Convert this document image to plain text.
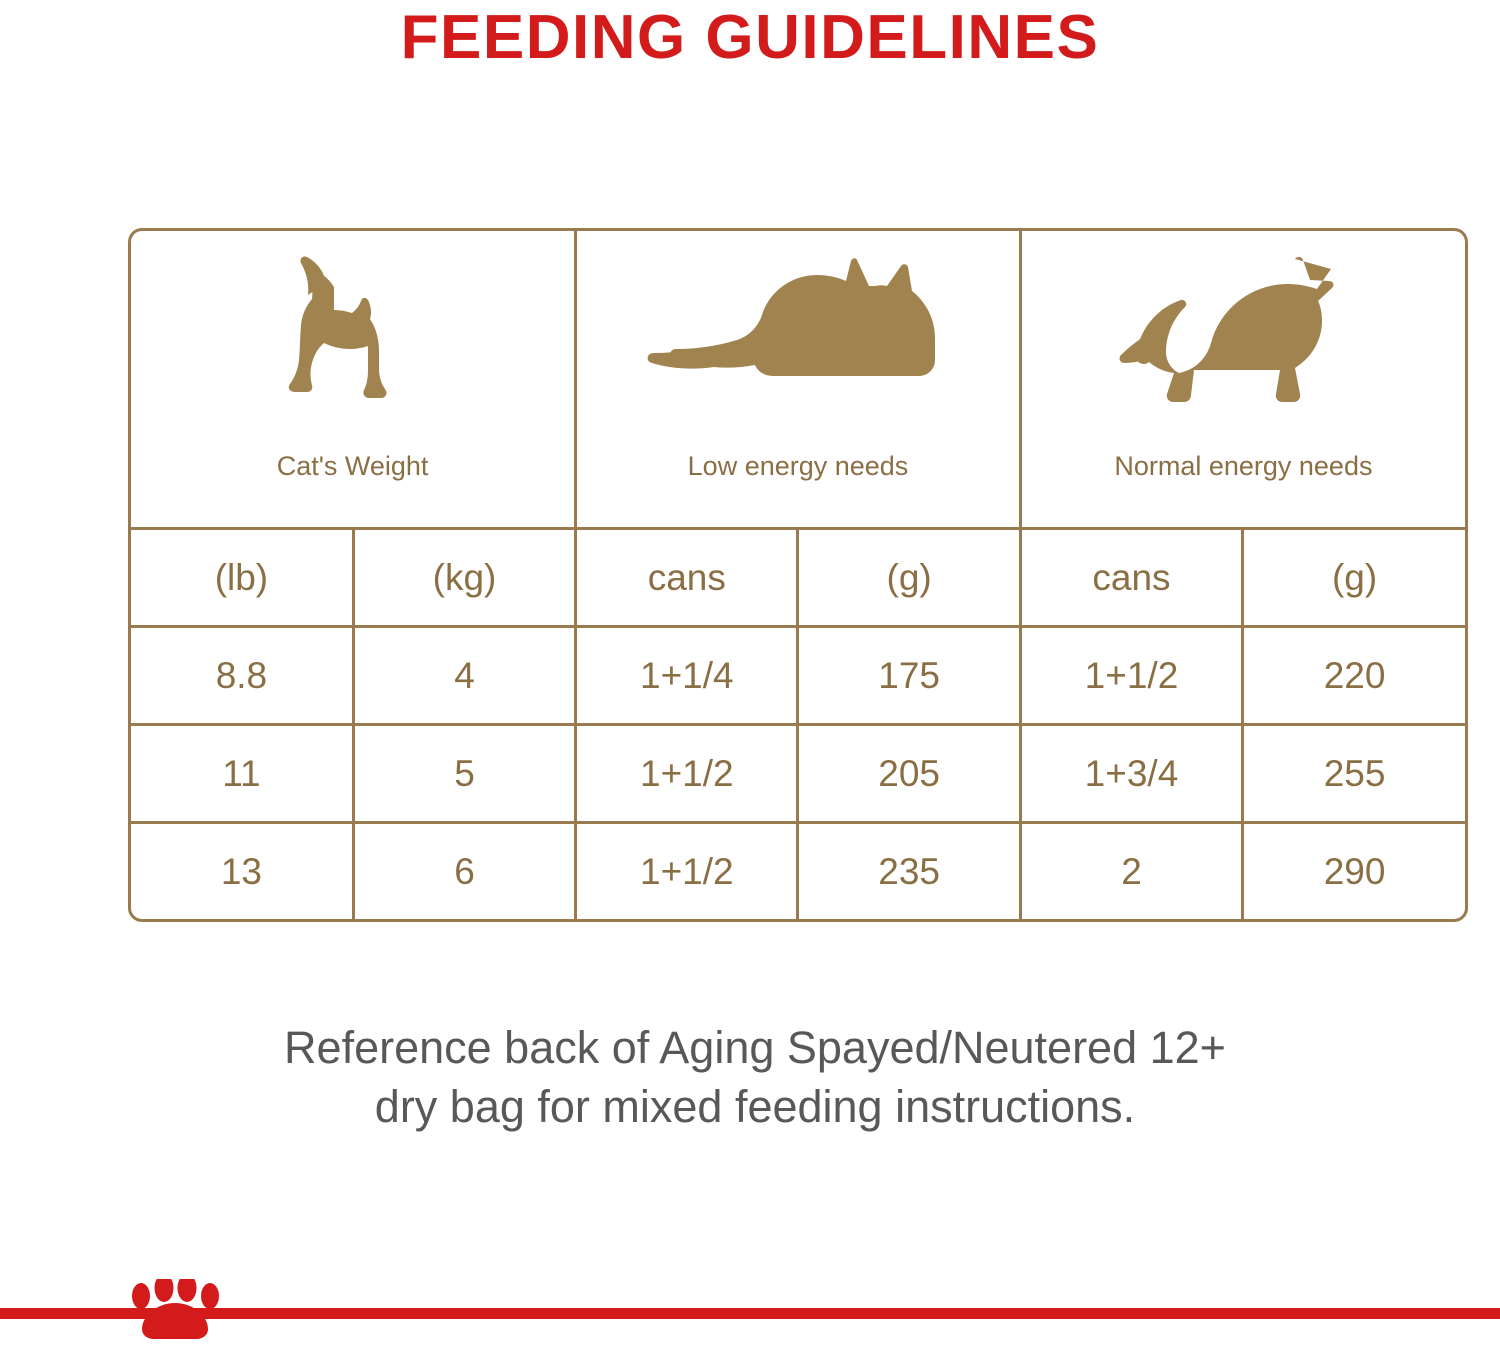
FEEDING GUIDELINES
Cat's Weight		Low energy needs		Normal energy needs	

(lb)	(kg)	cans	(g)	cans	(g)
8.8	4	1+1/4	175	1+1/2	220
11	5	1+1/2	205	1+3/4	255
13	6	1+1/2	235	2	290
Reference back of Aging Spayed/Neutered 12+
dry bag for mixed feeding instructions.
